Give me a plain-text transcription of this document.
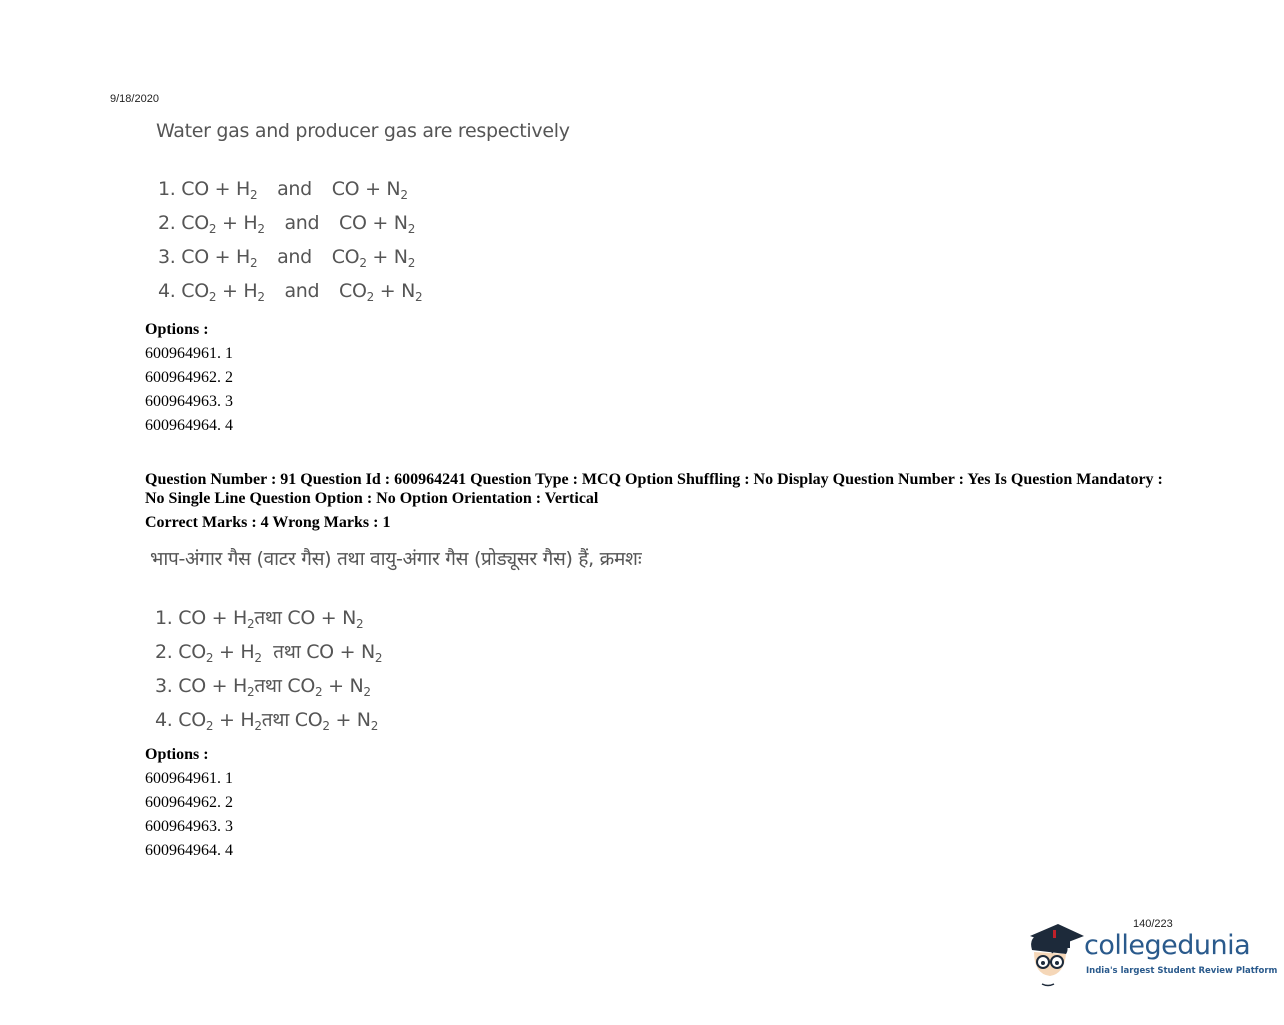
9/18/2020
Water gas and producer gas are respectively
1. CO + $H_2$ and CO + $N_2$
2. $CO_2 + H_2$ and CO + $N_2$
3. CO + $H_2$ and $CO_2 + N_2$
4. $CO_2 + H_2$ and $CO_2 + N_2$
Options :
600964961. 1
600964962. 2
600964963. 3
600964964. 4
Question Number : 91 Question Id : 600964241 Question Type : MCQ Option Shuffling : No Display Question Number : Yes Is Question Mandatory : No Single Line Question Option : No Option Orientation : Vertical
Correct Marks : 4 Wrong Marks : 1
भाप-अंगार गैस (वाटर गैस) तथा वायु-अंगार गैस (प्रोड्यूसर गैस) हैं, क्रमशः
1. CO + $H_2तथा$ CO + $N_2$
2. $CO_2 + H_2$ तथा CO + $N_2$
3. CO + $H_2तथा$ $CO_2 + N_2$
4. $CO_2$ + $H_2तथा$ $CO_2 + N_2$
Options :
600964961. 1
600964962. 2
600964963. 3
600964964. 4
140/223
collegedunia
India's largest Student Review Platform
